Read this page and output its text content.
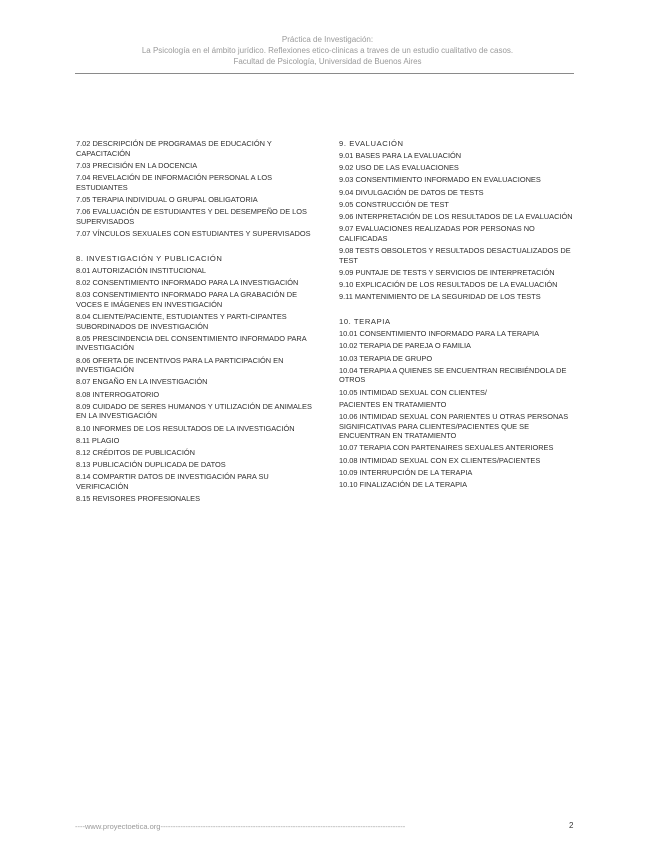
Práctica de Investigación:
La Psicología en el ámbito jurídico. Reflexiones etico-clinicas a traves de un estudio cualitativo de casos.
Facultad de Psicología, Universidad de Buenos Aires
7.02 DESCRIPCIÓN DE PROGRAMAS DE EDUCACIÓN Y CAPACITACIÓN
7.03 PRECISIÓN EN LA DOCENCIA
7.04 REVELACIÓN DE INFORMACIÓN PERSONAL A LOS ESTUDIANTES
7.05 TERAPIA INDIVIDUAL O GRUPAL OBLIGATORIA
7.06 EVALUACIÓN DE ESTUDIANTES Y DEL DESEMPEÑO DE LOS SUPERVISADOS
7.07 VÍNCULOS SEXUALES CON ESTUDIANTES Y SUPERVISADOS
8. INVESTIGACIÓN Y PUBLICACIÓN
8.01 AUTORIZACIÓN INSTITUCIONAL
8.02 CONSENTIMIENTO INFORMADO PARA LA INVESTIGACIÓN
8.03 CONSENTIMIENTO INFORMADO PARA LA GRABACIÓN DE VOCES E IMÁGENES EN INVESTIGACIÓN
8.04 CLIENTE/PACIENTE, ESTUDIANTES Y PARTI-CIPANTES SUBORDINADOS DE INVESTIGACIÓN
8.05 PRESCINDENCIA DEL CONSENTIMIENTO INFORMADO PARA INVESTIGACIÓN
8.06 OFERTA DE INCENTIVOS PARA LA PARTICIPACIÓN EN INVESTIGACIÓN
8.07 ENGAÑO EN LA INVESTIGACIÓN
8.08 INTERROGATORIO
8.09 CUIDADO DE SERES HUMANOS Y UTILIZACIÓN DE ANIMALES EN LA INVESTIGACIÓN
8.10 INFORMES DE LOS RESULTADOS DE LA INVESTIGACIÓN
8.11 PLAGIO
8.12 CRÉDITOS DE PUBLICACIÓN
8.13 PUBLICACIÓN DUPLICADA DE DATOS
8.14 COMPARTIR DATOS DE INVESTIGACIÓN PARA SU VERIFICACIÓN
8.15 REVISORES PROFESIONALES
9. EVALUACIÓN
9.01 BASES PARA LA EVALUACIÓN
9.02 USO DE LAS EVALUACIONES
9.03 CONSENTIMIENTO INFORMADO EN EVALUACIONES
9.04 DIVULGACIÓN DE DATOS DE TESTS
9.05 CONSTRUCCIÓN DE TEST
9.06 INTERPRETACIÓN DE LOS RESULTADOS DE LA EVALUACIÓN
9.07 EVALUACIONES REALIZADAS POR PERSONAS NO CALIFICADAS
9.08 TESTS OBSOLETOS Y RESULTADOS DESACTUALIZADOS DE TEST
9.09 PUNTAJE DE TESTS Y SERVICIOS DE INTERPRETACIÓN
9.10 EXPLICACIÓN DE LOS RESULTADOS DE LA EVALUACIÓN
9.11 MANTENIMIENTO DE LA SEGURIDAD DE LOS TESTS
10. TERAPIA
10.01 CONSENTIMIENTO INFORMADO PARA LA TERAPIA
10.02 TERAPIA DE PAREJA O FAMILIA
10.03 TERAPIA DE GRUPO
10.04 TERAPIA A QUIENES SE ENCUENTRAN RECIBIÉNDOLA DE OTROS
10.05 INTIMIDAD SEXUAL CON CLIENTES/
PACIENTES EN TRATAMIENTO
10.06 INTIMIDAD SEXUAL CON PARIENTES U OTRAS PERSONAS SIGNIFICATIVAS PARA CLIENTES/PACIENTES QUE SE ENCUENTRAN EN TRATAMIENTO
10.07 TERAPIA CON PARTENAIRES SEXUALES ANTERIORES
10.08 INTIMIDAD SEXUAL CON EX CLIENTES/PACIENTES
10.09 INTERRUPCIÓN DE LA TERAPIA
10.10 FINALIZACIÓN DE LA TERAPIA
----www.proyectoetica.org--------------------------------------------------------------------------------------------------	2
